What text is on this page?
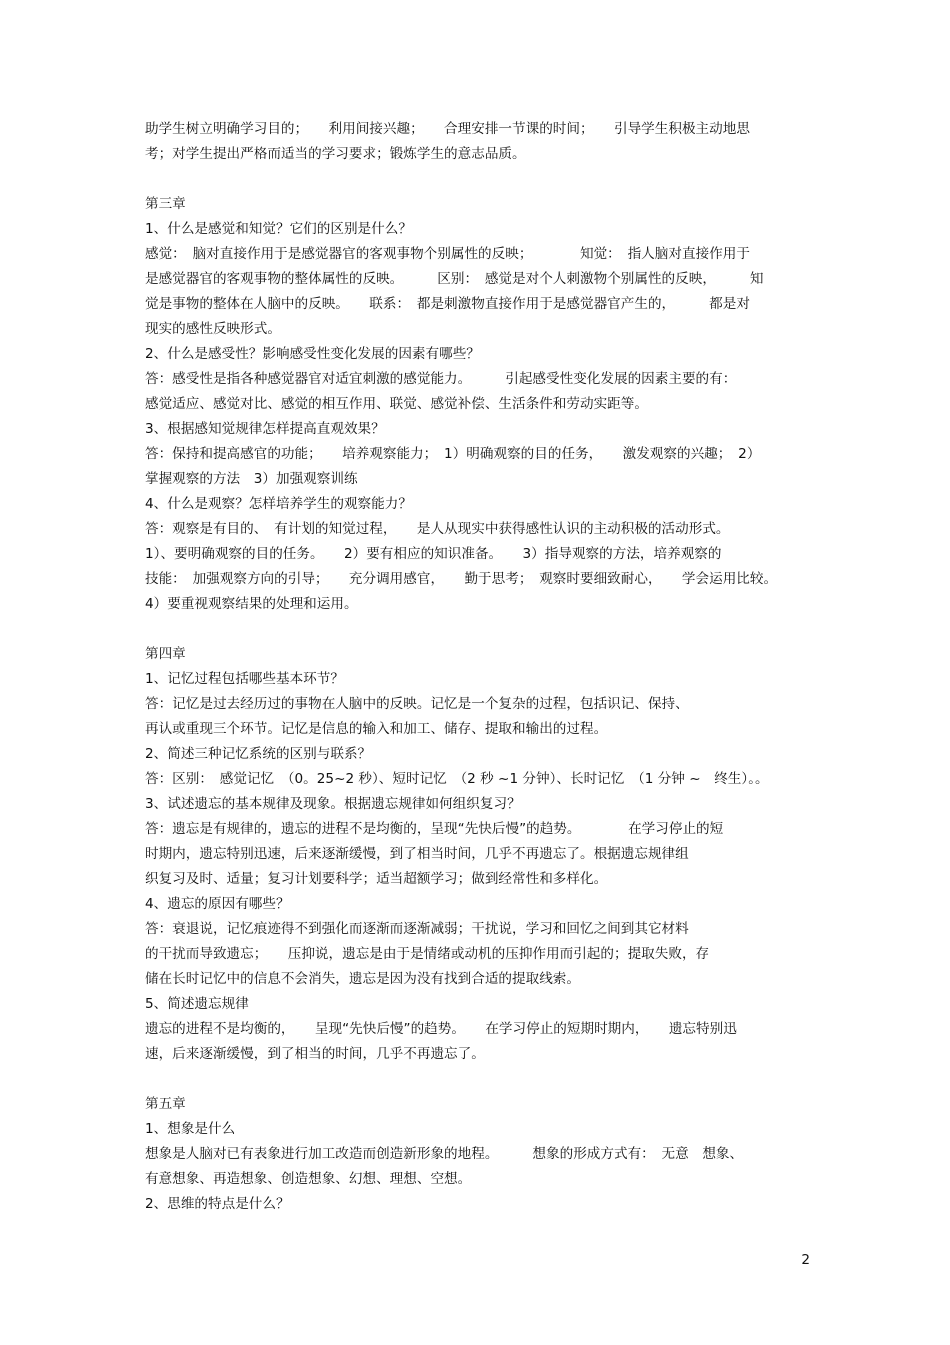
助学生树立明确学习目的；　　利用间接兴趣；　　合理安排一节课的时间；　　引导学生积极主动地思
考；对学生提出严格而适当的学习要求；锻炼学生的意志品质。
第三章
1、什么是感觉和知觉？它们的区别是什么？
感觉：　脑对直接作用于是感觉器官的客观事物个别属性的反映；　　　　知觉：　指人脑对直接作用于
是感觉器官的客观事物的整体属性的反映。　　　区别：　感觉是对个人刺激物个别属性的反映，　　　知
觉是事物的整体在人脑中的反映。　　联系：　都是刺激物直接作用于是感觉器官产生的，　　　都是对
现实的感性反映形式。
2、什么是感受性？影响感受性变化发展的因素有哪些？
答：感受性是指各种感觉器官对适宜刺激的感觉能力。　　　引起感受性变化发展的因素主要的有：
感觉适应、感觉对比、感觉的相互作用、联觉、感觉补偿、生活条件和劳动实距等。
3、根据感知觉规律怎样提高直观效果？
答：保持和提高感官的功能；　　培养观察能力；　1）明确观察的目的任务，　　激发观察的兴趣；　2）
掌握观察的方法　3）加强观察训练
4、什么是观察？怎样培养学生的观察能力？
答：观察是有目的、　有计划的知觉过程，　　是人从现实中获得感性认识的主动积极的活动形式。
1）、要明确观察的目的任务。　　2）要有相应的知识准备。　　3）指导观察的方法，培养观察的
技能：　加强观察方向的引导；　　充分调用感官，　　勤于思考；　观察时要细致耐心，　　学会运用比较。
4）要重视观察结果的处理和运用。
第四章
1、记忆过程包括哪些基本环节？
答：记忆是过去经历过的事物在人脑中的反映。记忆是一个复杂的过程，包括识记、保持、
再认或重现三个环节。记忆是信息的输入和加工、储存、提取和输出的过程。
2、简述三种记忆系统的区别与联系？
答：区别：　感觉记忆　（0。25~2 秒）、短时记忆　（2 秒 ~1 分钟）、长时记忆　（1 分钟 ~　终生）。。
3、试述遗忘的基本规律及现象。根据遗忘规律如何组织复习？
答：遗忘是有规律的，遗忘的进程不是均衡的，呈现“先快后慢”的趋势。　　　　在学习停止的短
时期内，遗忘特别迅速，后来逐渐缓慢，到了相当时间，几乎不再遗忘了。根据遗忘规律组
织复习及时、适量；复习计划要科学；适当超额学习；做到经常性和多样化。
4、遗忘的原因有哪些？
答：衰退说，记忆痕迹得不到强化而逐渐而逐渐减弱；干扰说，学习和回忆之间到其它材料
的干扰而导致遗忘；　　压抑说，遗忘是由于是情绪或动机的压抑作用而引起的；提取失败，存
储在长时记忆中的信息不会消失，遗忘是因为没有找到合适的提取线索。
5、简述遗忘规律
遗忘的进程不是均衡的，　　呈现“先快后慢”的趋势。　　在学习停止的短期时期内，　　遗忘特别迅
速，后来逐渐缓慢，到了相当的时间，几乎不再遗忘了。
第五章
1、想象是什么
想象是人脑对已有表象进行加工改造而创造新形象的地程。　　　想象的形成方式有：　无意　想象、
有意想象、再造想象、创造想象、幻想、理想、空想。
2、思维的特点是什么？
2
